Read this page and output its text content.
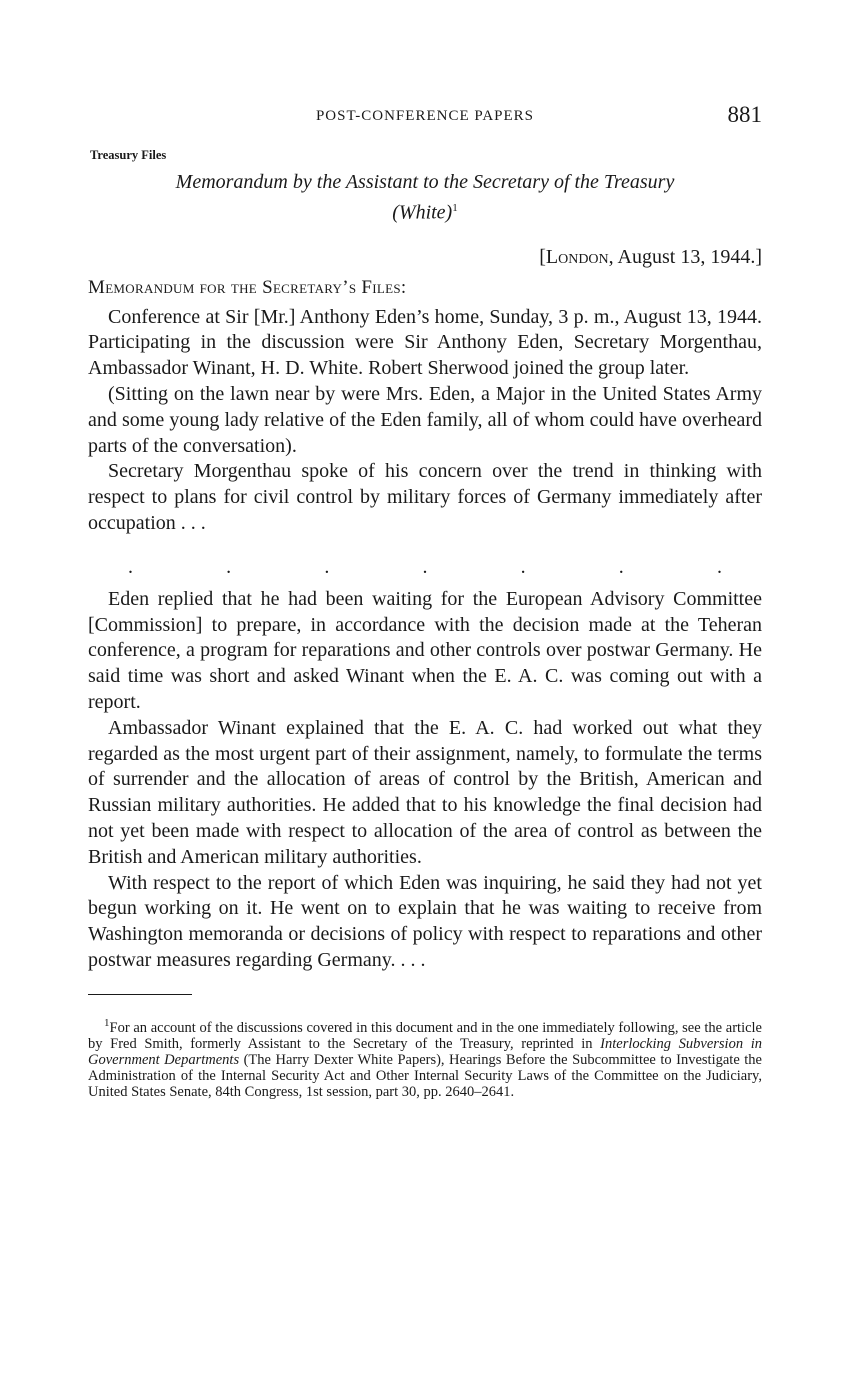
POST-CONFERENCE PAPERS	881
Treasury Files
Memorandum by the Assistant to the Secretary of the Treasury
(White)$^1$
[London, August 13, 1944.]
Memorandum for the Secretary’s Files:

Conference at Sir [Mr.] Anthony Eden’s home, Sunday, 3 p. m., August 13, 1944. Participating in the discussion were Sir Anthony Eden, Secretary Morgenthau, Ambassador Winant, H. D. White. Robert Sherwood joined the group later.

(Sitting on the lawn near by were Mrs. Eden, a Major in the United States Army and some young lady relative of the Eden family, all of whom could have overheard parts of the conversation).

Secretary Morgenthau spoke of his concern over the trend in thinking with respect to plans for civil control by military forces of Germany immediately after occupation . . .

.	.	.	.	.	.	.

Eden replied that he had been waiting for the European Advisory Committee [Commission] to prepare, in accordance with the decision made at the Teheran conference, a program for reparations and other controls over postwar Germany. He said time was short and asked Winant when the E. A. C. was coming out with a report.

Ambassador Winant explained that the E. A. C. had worked out what they regarded as the most urgent part of their assignment, namely, to formulate the terms of surrender and the allocation of areas of control by the British, American and Russian military authorities. He added that to his knowledge the final decision had not yet been made with respect to allocation of the area of control as between the British and American military authorities.

With respect to the report of which Eden was inquiring, he said they had not yet begun working on it. He went on to explain that he was waiting to receive from Washington memoranda or decisions of policy with respect to reparations and other postwar measures regarding Germany. . . .

$^1$For an account of the discussions covered in this document and in the one immediately following, see the article by Fred Smith, formerly Assistant to the Secretary of the Treasury, reprinted in Interlocking Subversion in Government Departments (The Harry Dexter White Papers), Hearings Before the Subcommittee to Investigate the Administration of the Internal Security Act and Other Internal Security Laws of the Committee on the Judiciary, United States Senate, 84th Congress, 1st session, part 30, pp. 2640–2641.
